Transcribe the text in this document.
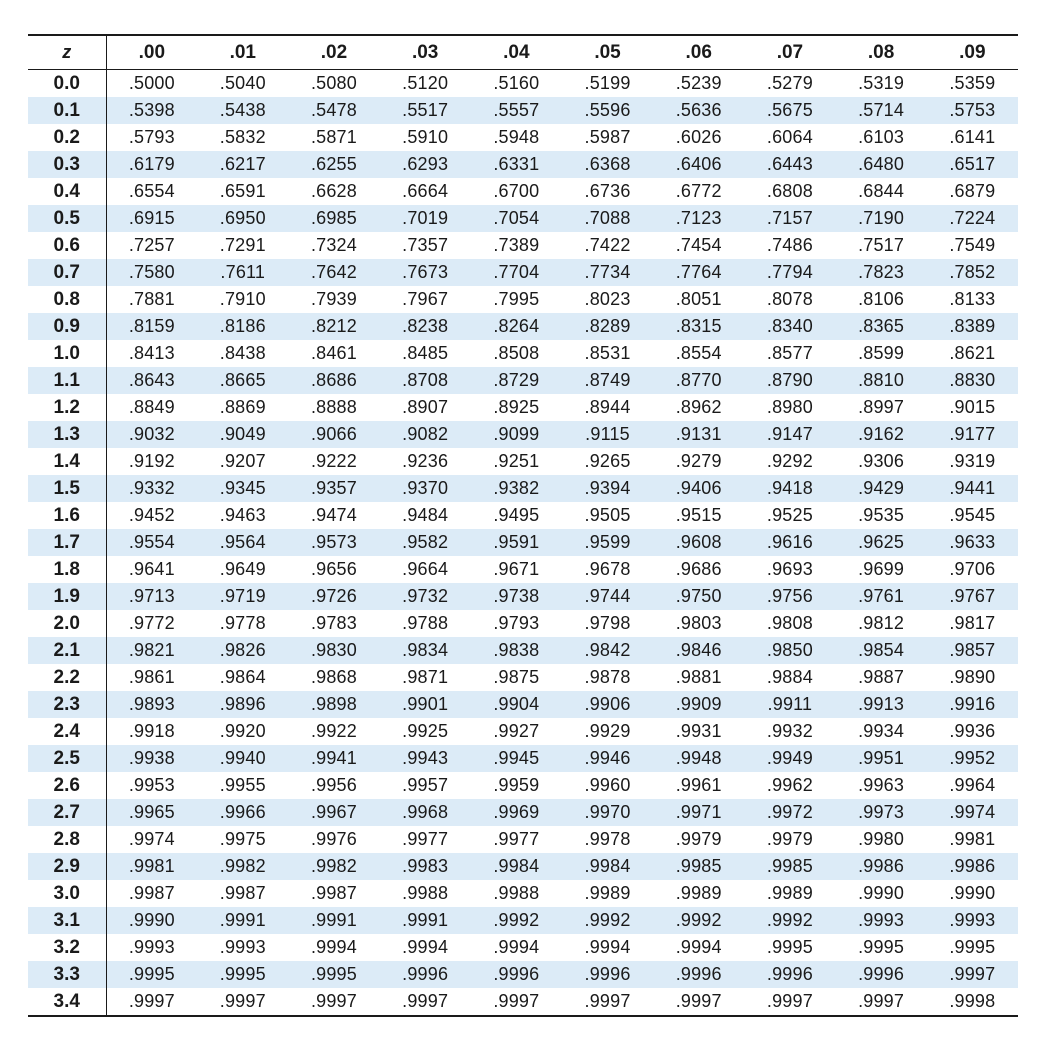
z	.00	.01	.02	.03	.04	.05	.06	.07	.08	.09
0.0	.5000	.5040	.5080	.5120	.5160	.5199	.5239	.5279	.5319	.5359
0.1	.5398	.5438	.5478	.5517	.5557	.5596	.5636	.5675	.5714	.5753
0.2	.5793	.5832	.5871	.5910	.5948	.5987	.6026	.6064	.6103	.6141
0.3	.6179	.6217	.6255	.6293	.6331	.6368	.6406	.6443	.6480	.6517
0.4	.6554	.6591	.6628	.6664	.6700	.6736	.6772	.6808	.6844	.6879
0.5	.6915	.6950	.6985	.7019	.7054	.7088	.7123	.7157	.7190	.7224
0.6	.7257	.7291	.7324	.7357	.7389	.7422	.7454	.7486	.7517	.7549
0.7	.7580	.7611	.7642	.7673	.7704	.7734	.7764	.7794	.7823	.7852
0.8	.7881	.7910	.7939	.7967	.7995	.8023	.8051	.8078	.8106	.8133
0.9	.8159	.8186	.8212	.8238	.8264	.8289	.8315	.8340	.8365	.8389
1.0	.8413	.8438	.8461	.8485	.8508	.8531	.8554	.8577	.8599	.8621
1.1	.8643	.8665	.8686	.8708	.8729	.8749	.8770	.8790	.8810	.8830
1.2	.8849	.8869	.8888	.8907	.8925	.8944	.8962	.8980	.8997	.9015
1.3	.9032	.9049	.9066	.9082	.9099	.9115	.9131	.9147	.9162	.9177
1.4	.9192	.9207	.9222	.9236	.9251	.9265	.9279	.9292	.9306	.9319
1.5	.9332	.9345	.9357	.9370	.9382	.9394	.9406	.9418	.9429	.9441
1.6	.9452	.9463	.9474	.9484	.9495	.9505	.9515	.9525	.9535	.9545
1.7	.9554	.9564	.9573	.9582	.9591	.9599	.9608	.9616	.9625	.9633
1.8	.9641	.9649	.9656	.9664	.9671	.9678	.9686	.9693	.9699	.9706
1.9	.9713	.9719	.9726	.9732	.9738	.9744	.9750	.9756	.9761	.9767
2.0	.9772	.9778	.9783	.9788	.9793	.9798	.9803	.9808	.9812	.9817
2.1	.9821	.9826	.9830	.9834	.9838	.9842	.9846	.9850	.9854	.9857
2.2	.9861	.9864	.9868	.9871	.9875	.9878	.9881	.9884	.9887	.9890
2.3	.9893	.9896	.9898	.9901	.9904	.9906	.9909	.9911	.9913	.9916
2.4	.9918	.9920	.9922	.9925	.9927	.9929	.9931	.9932	.9934	.9936
2.5	.9938	.9940	.9941	.9943	.9945	.9946	.9948	.9949	.9951	.9952
2.6	.9953	.9955	.9956	.9957	.9959	.9960	.9961	.9962	.9963	.9964
2.7	.9965	.9966	.9967	.9968	.9969	.9970	.9971	.9972	.9973	.9974
2.8	.9974	.9975	.9976	.9977	.9977	.9978	.9979	.9979	.9980	.9981
2.9	.9981	.9982	.9982	.9983	.9984	.9984	.9985	.9985	.9986	.9986
3.0	.9987	.9987	.9987	.9988	.9988	.9989	.9989	.9989	.9990	.9990
3.1	.9990	.9991	.9991	.9991	.9992	.9992	.9992	.9992	.9993	.9993
3.2	.9993	.9993	.9994	.9994	.9994	.9994	.9994	.9995	.9995	.9995
3.3	.9995	.9995	.9995	.9996	.9996	.9996	.9996	.9996	.9996	.9997
3.4	.9997	.9997	.9997	.9997	.9997	.9997	.9997	.9997	.9997	.9998
